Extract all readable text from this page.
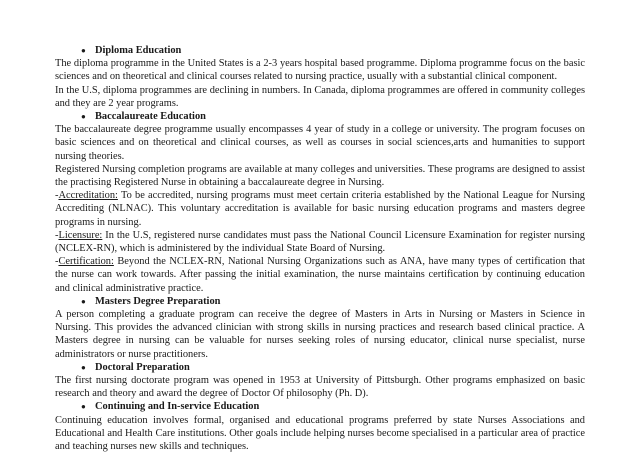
● Diploma Education

The diploma programme in the United States is a 2-3 years hospital based programme. Diploma programme focus on the basic sciences and on theoretical and clinical courses related to nursing practice, usually with a substantial clinical component.

In the U.S, diploma programmes are declining in numbers. In Canada, diploma programmes are offered in community colleges and they are 2 year programs.

● Baccalaureate Education

The baccalaureate degree programme usually encompasses 4 year of study in a college or university. The program focuses on basic sciences and on theoretical and clinical courses, as well as courses in social sciences,arts and humanities to support nursing theories.

Registered Nursing completion programs are available at many colleges and universities. These programs are designed to assist the practising Registered Nurse in obtaining a baccalaureate degree in Nursing.

-Accreditation: To be accredited, nursing programs must meet certain criteria established by the National League for Nursing Accrediting (NLNAC). This voluntary accreditation is available for basic nursing education programs and masters degree programs in nursing.

-Licensure: In the U.S, registered nurse candidates must pass the National Council Licensure Examination for register nursing (NCLEX-RN), which is administered by the individual State Board of Nursing.

-Certification: Beyond the NCLEX-RN, National Nursing Organizations such as ANA, have many types of certification that the nurse can work towards. After passing the initial examination, the nurse maintains certification by continuing education and clinical administrative practice.

● Masters Degree Preparation

A person completing a graduate program can receive the degree of Masters in Arts in Nursing or Masters in Science in Nursing. This provides the advanced clinician with strong skills in nursing practices and research based clinical practice. A Masters degree in nursing can be valuable for nurses seeking roles of nursing educator, clinical nurse specialist, nurse administrators or nurse practitioners.

● Doctoral Preparation

The first nursing doctorate program was opened in 1953 at University of Pittsburgh. Other programs emphasized on basic research and theory and award the degree of Doctor Of philosophy (Ph. D).

● Continuing and In-service Education

Continuing education involves formal, organised and educational programs preferred by state Nurses Associations and Educational and Health Care institutions. Other goals include helping nurses become specialised in a particular area of practice and teaching nurses new skills and techniques.
